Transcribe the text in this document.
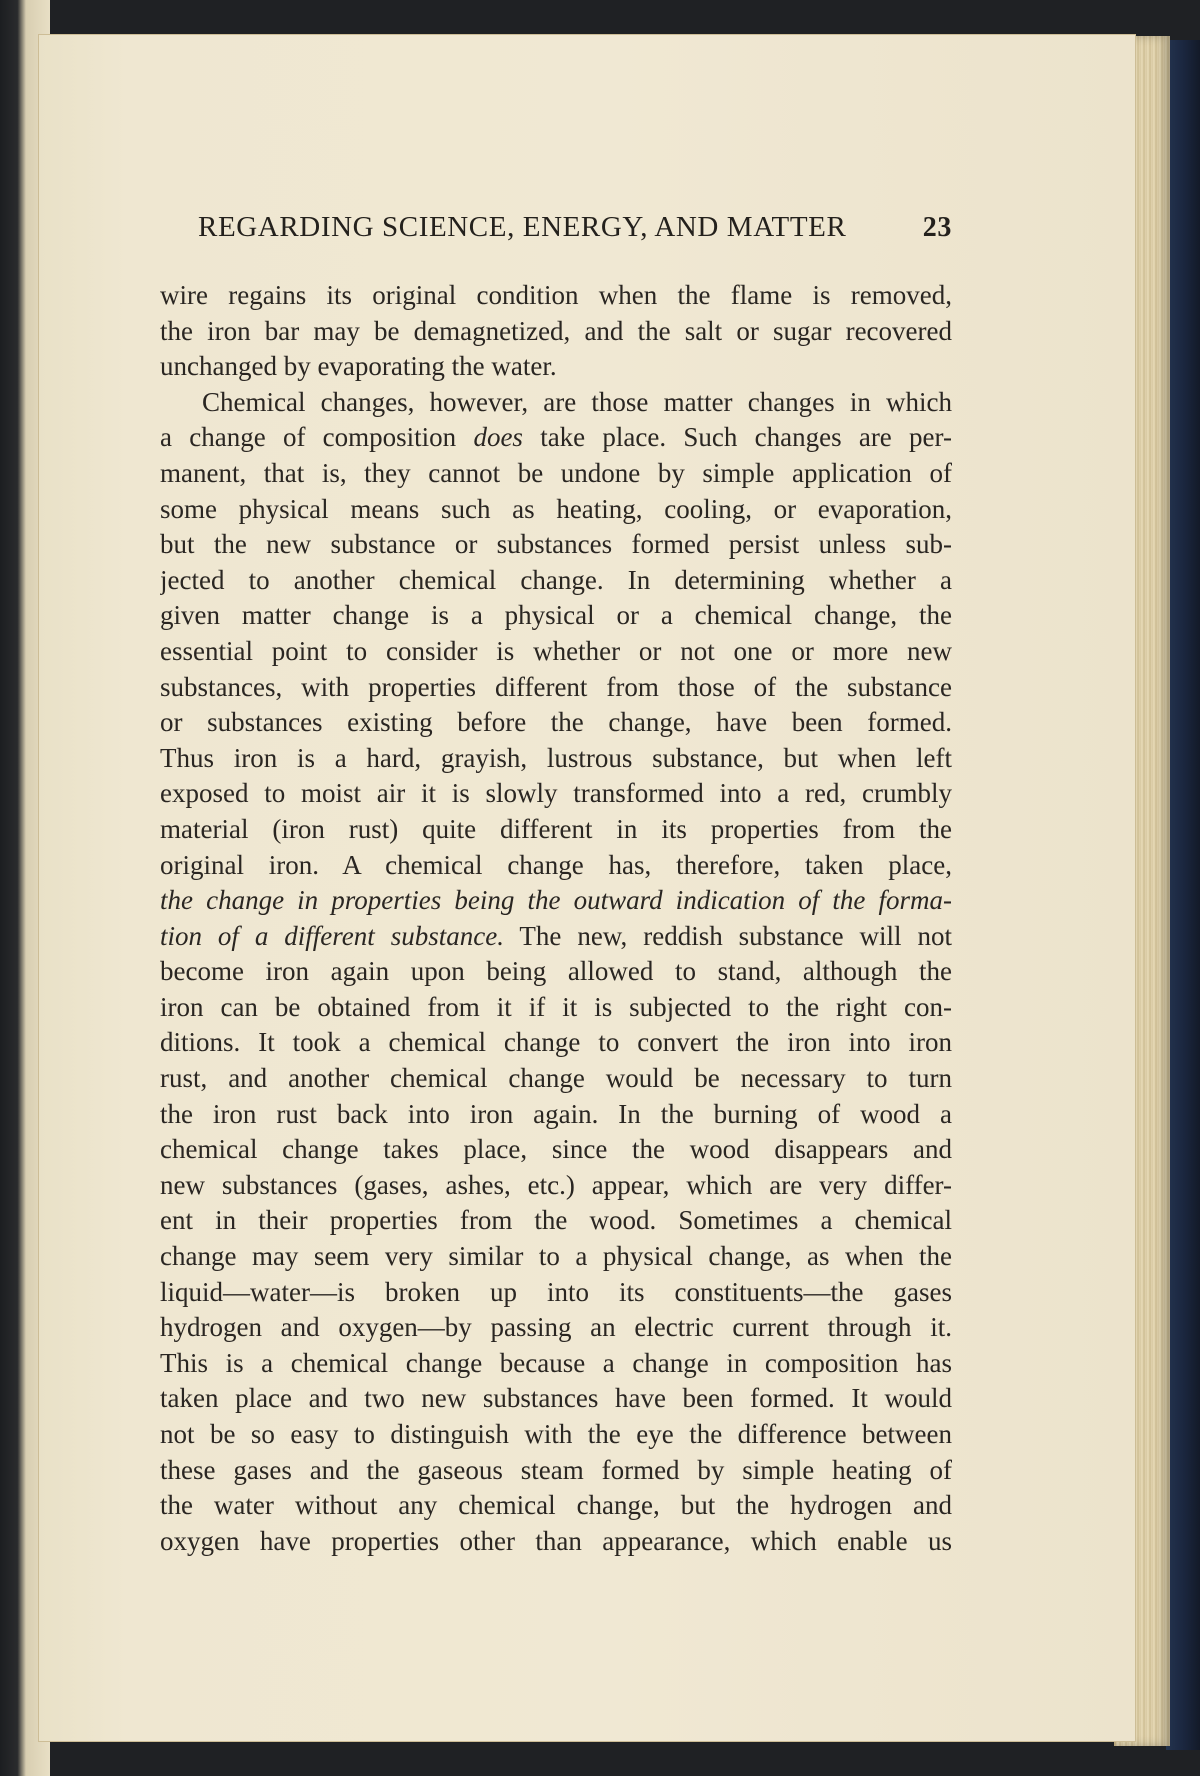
REGARDING SCIENCE, ENERGY, AND MATTER	23
wire regains its original condition when the flame is removed,
the iron bar may be demagnetized, and the salt or sugar recovered
unchanged by evaporating the water.
Chemical changes, however, are those matter changes in which
a change of composition does take place. Such changes are per-
manent, that is, they cannot be undone by simple application of
some physical means such as heating, cooling, or evaporation,
but the new substance or substances formed persist unless sub-
jected to another chemical change. In determining whether a
given matter change is a physical or a chemical change, the
essential point to consider is whether or not one or more new
substances, with properties different from those of the substance
or substances existing before the change, have been formed.
Thus iron is a hard, grayish, lustrous substance, but when left
exposed to moist air it is slowly transformed into a red, crumbly
material (iron rust) quite different in its properties from the
original iron. A chemical change has, therefore, taken place,
the change in properties being the outward indication of the forma-
tion of a different substance. The new, reddish substance will not
become iron again upon being allowed to stand, although the
iron can be obtained from it if it is subjected to the right con-
ditions. It took a chemical change to convert the iron into iron
rust, and another chemical change would be necessary to turn
the iron rust back into iron again. In the burning of wood a
chemical change takes place, since the wood disappears and
new substances (gases, ashes, etc.) appear, which are very differ-
ent in their properties from the wood. Sometimes a chemical
change may seem very similar to a physical change, as when the
liquid—water—is broken up into its constituents—the gases
hydrogen and oxygen—by passing an electric current through it.
This is a chemical change because a change in composition has
taken place and two new substances have been formed. It would
not be so easy to distinguish with the eye the difference between
these gases and the gaseous steam formed by simple heating of
the water without any chemical change, but the hydrogen and
oxygen have properties other than appearance, which enable us
